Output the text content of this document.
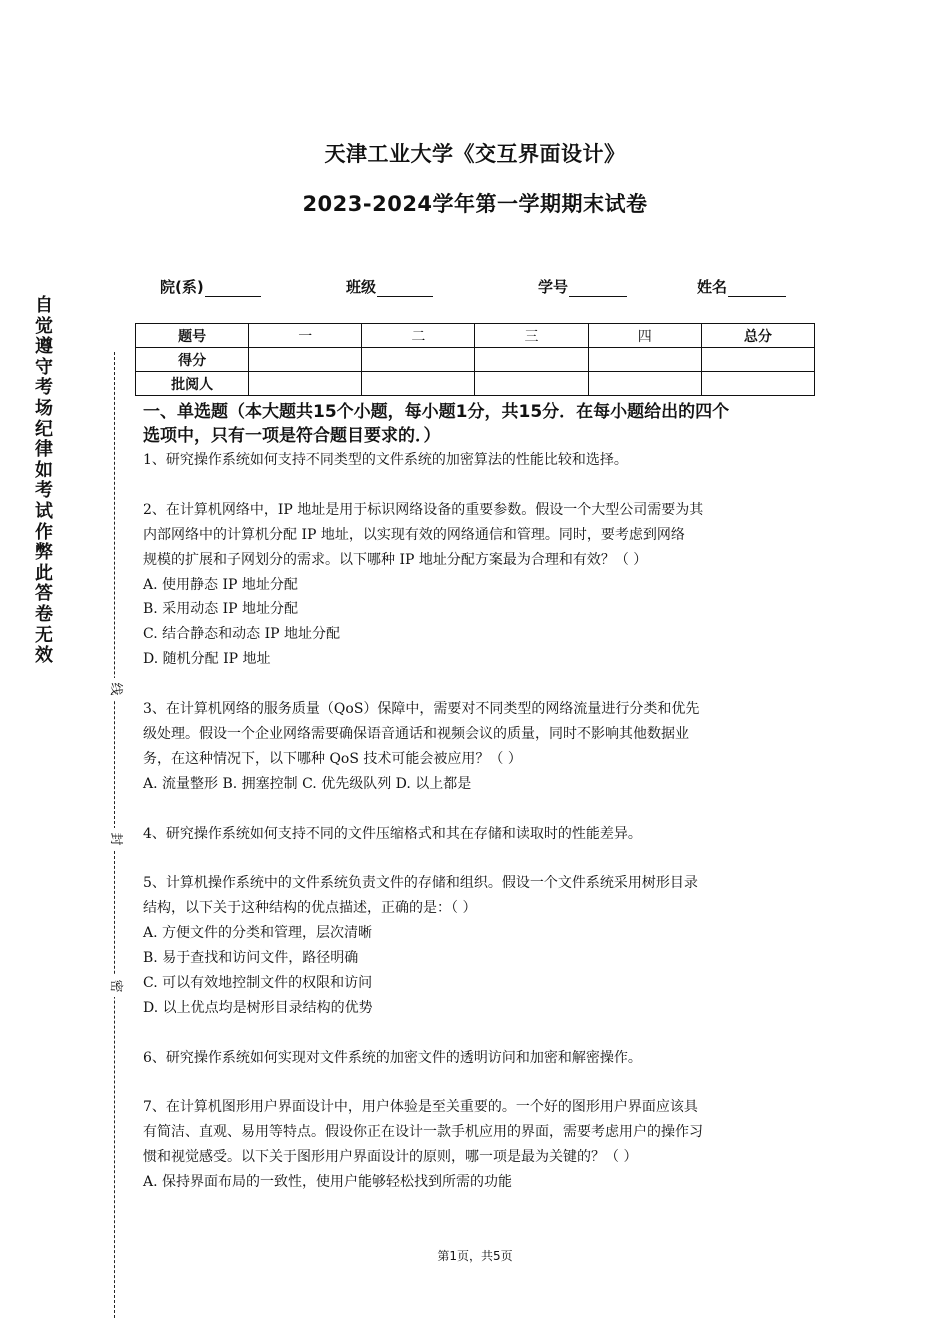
天津工业大学《交互界面设计》
2023-2024学年第一学期期末试卷
院(系)	班级	学号	姓名
题号	一	二	三	四	总分
得分					
批阅人					
自觉遵守考场纪律如考试作弊此答卷无效
线
封
密

一、单选题（本大题共15个小题，每小题1分，共15分．在每小题给出的四个

选项中，只有一项是符合题目要求的．）

1、研究操作系统如何支持不同类型的文件系统的加密算法的性能比较和选择。

2、在计算机网络中，IP 地址是用于标识网络设备的重要参数。假设一个大型公司需要为其

内部网络中的计算机分配 IP 地址，以实现有效的网络通信和管理。同时，要考虑到网络

规模的扩展和子网划分的需求。以下哪种 IP 地址分配方案最为合理和有效？（ ）

A. 使用静态 IP 地址分配

B. 采用动态 IP 地址分配

C. 结合静态和动态 IP 地址分配

D. 随机分配 IP 地址

3、在计算机网络的服务质量（QoS）保障中，需要对不同类型的网络流量进行分类和优先

级处理。假设一个企业网络需要确保语音通话和视频会议的质量，同时不影响其他数据业

务，在这种情况下，以下哪种 QoS 技术可能会被应用？（ ）

A. 流量整形 B. 拥塞控制 C. 优先级队列 D. 以上都是

4、研究操作系统如何支持不同的文件压缩格式和其在存储和读取时的性能差异。

5、计算机操作系统中的文件系统负责文件的存储和组织。假设一个文件系统采用树形目录

结构，以下关于这种结构的优点描述，正确的是：（ ）

A. 方便文件的分类和管理，层次清晰

B. 易于查找和访问文件，路径明确

C. 可以有效地控制文件的权限和访问

D. 以上优点均是树形目录结构的优势

6、研究操作系统如何实现对文件系统的加密文件的透明访问和加密和解密操作。

7、在计算机图形用户界面设计中，用户体验是至关重要的。一个好的图形用户界面应该具

有简洁、直观、易用等特点。假设你正在设计一款手机应用的界面，需要考虑用户的操作习

惯和视觉感受。以下关于图形用户界面设计的原则，哪一项是最为关键的？（ ）

A. 保持界面布局的一致性，使用户能够轻松找到所需的功能

第1页，共5页
